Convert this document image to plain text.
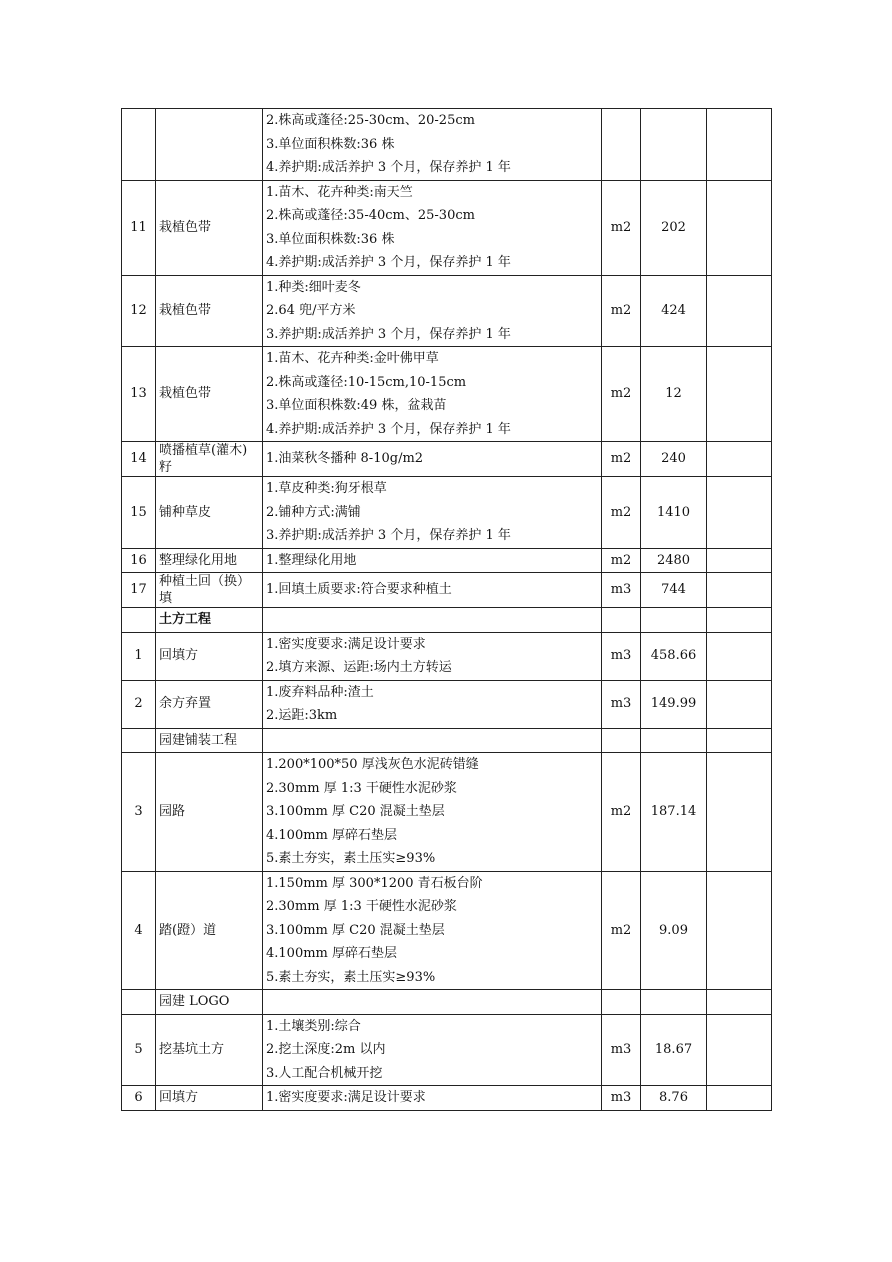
		2.株高或蓬径:25-30cm、20-25cm
3.单位面积株数:36 株
4.养护期:成活养护 3 个月，保存养护 1 年			

11	栽植色带	1.苗木、花卉种类:南天竺
2.株高或蓬径:35-40cm、25-30cm
3.单位面积株数:36 株
4.养护期:成活养护 3 个月，保存养护 1 年	m2	202	
12	栽植色带	1.种类:细叶麦冬
2.64 兜/平方米
3.养护期:成活养护 3 个月，保存养护 1 年	m2	424	
13	栽植色带	1.苗木、花卉种类:金叶佛甲草
2.株高或蓬径:10-15cm,10-15cm
3.单位面积株数:49 株，盆栽苗
4.养护期:成活养护 3 个月，保存养护 1 年	m2	12	
14	喷播植草(灌木)籽	1.油菜秋冬播种 8-10g/m2	m2	240	
15	铺种草皮	1.草皮种类:狗牙根草
2.铺种方式:满铺
3.养护期:成活养护 3 个月，保存养护 1 年	m2	1410	
16	整理绿化用地	1.整理绿化用地	m2	2480	
17	种植土回（换）填	1.回填土质要求:符合要求种植土	m3	744	
	土方工程				
1	回填方	1.密实度要求:满足设计要求
2.填方来源、运距:场内土方转运	m3	458.66	
2	余方弃置	1.废弃料品种:渣土
2.运距:3km	m3	149.99	
	园建铺装工程				
3	园路	1.200*100*50 厚浅灰色水泥砖错缝
2.30mm 厚 1:3 干硬性水泥砂浆
3.100mm 厚 C20 混凝土垫层
4.100mm 厚碎石垫层
5.素土夯实，素土压实≥93%	m2	187.14	
4	踏(蹬）道	1.150mm 厚 300*1200 青石板台阶
2.30mm 厚 1:3 干硬性水泥砂浆
3.100mm 厚 C20 混凝土垫层
4.100mm 厚碎石垫层
5.素土夯实，素土压实≥93%	m2	9.09	
	园建 LOGO				
5	挖基坑土方	1.土壤类别:综合
2.挖土深度:2m 以内
3.人工配合机械开挖	m3	18.67	
6	回填方	1.密实度要求:满足设计要求	m3	8.76	
